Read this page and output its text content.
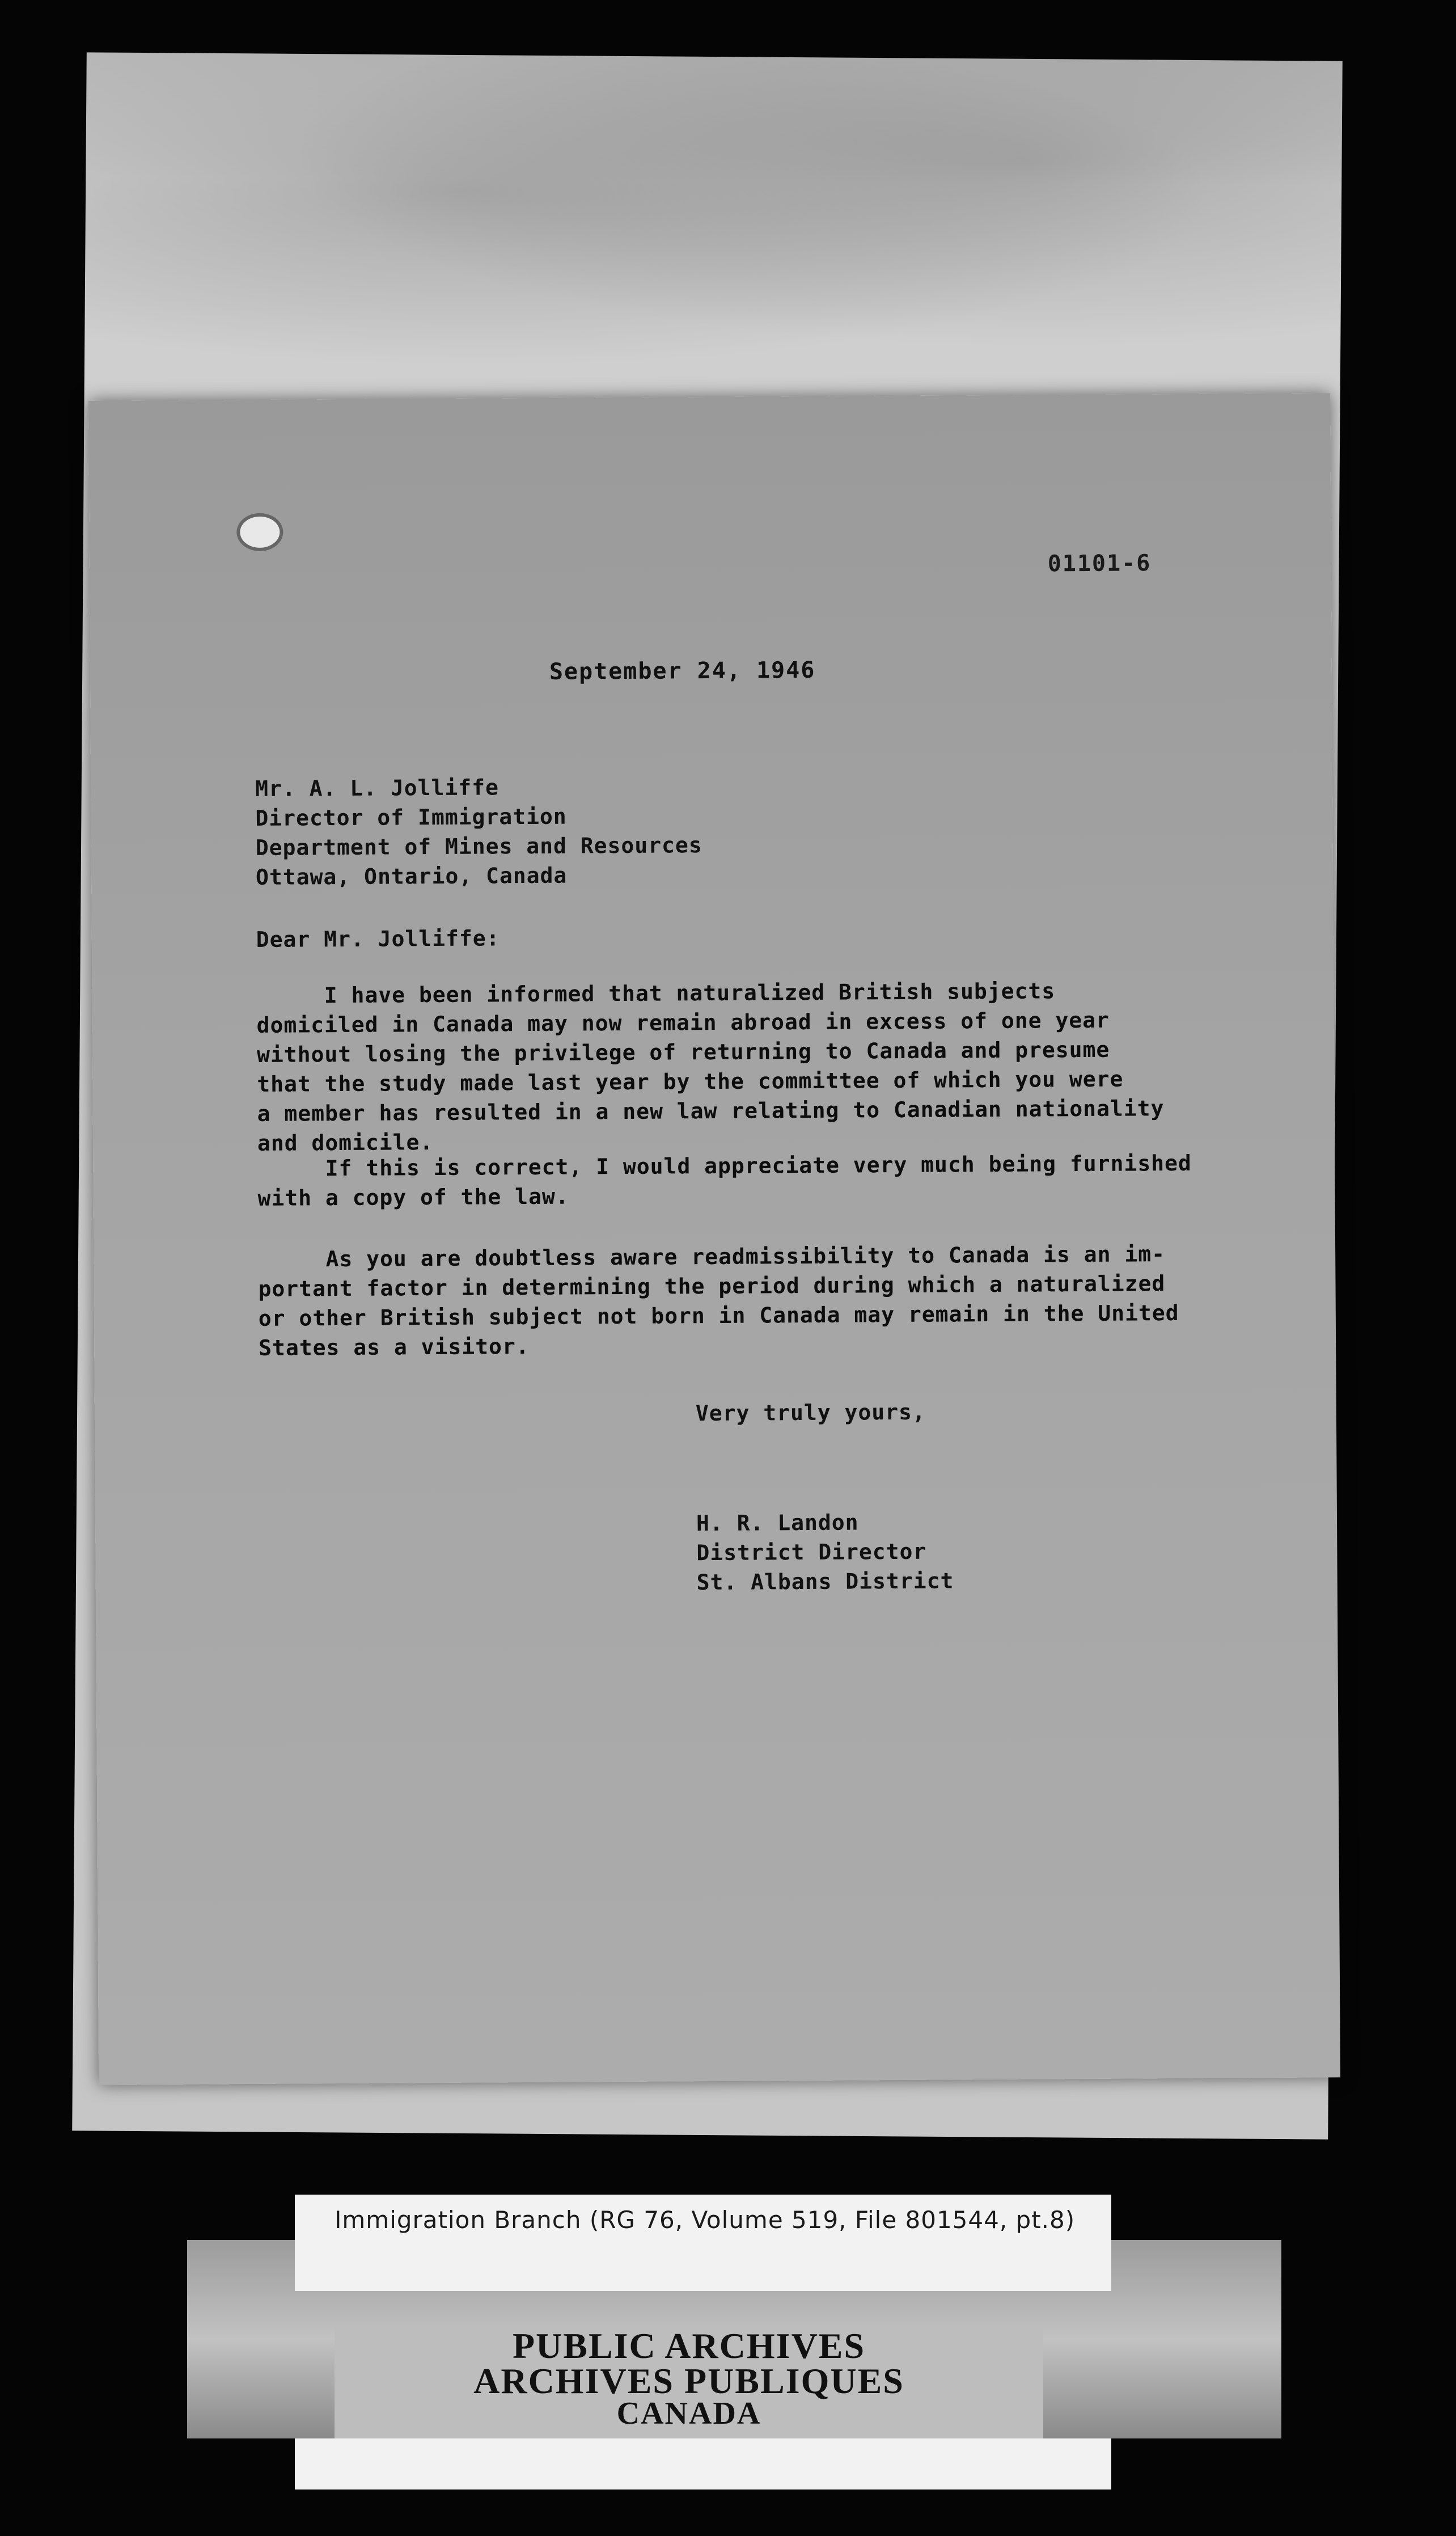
01101-6
September 24, 1946
Mr. A. L. Jolliffe
Director of Immigration
Department of Mines and Resources
Ottawa, Ontario, Canada
Dear Mr. Jolliffe:
I have been informed that naturalized British subjects
domiciled in Canada may now remain abroad in excess of one year
without losing the privilege of returning to Canada and presume
that the study made last year by the committee of which you were
a member has resulted in a new law relating to Canadian nationality
and domicile.
If this is correct, I would appreciate very much being furnished
with a copy of the law.
As you are doubtless aware readmissibility to Canada is an im-
portant factor in determining the period during which a naturalized
or other British subject not born in Canada may remain in the United
States as a visitor.
Very truly yours,
H. R. Landon
District Director
St. Albans District
PUBLIC ARCHIVES
ARCHIVES PUBLIQUES
CANADA
Immigration Branch (RG 76, Volume 519, File 801544, pt.8)
